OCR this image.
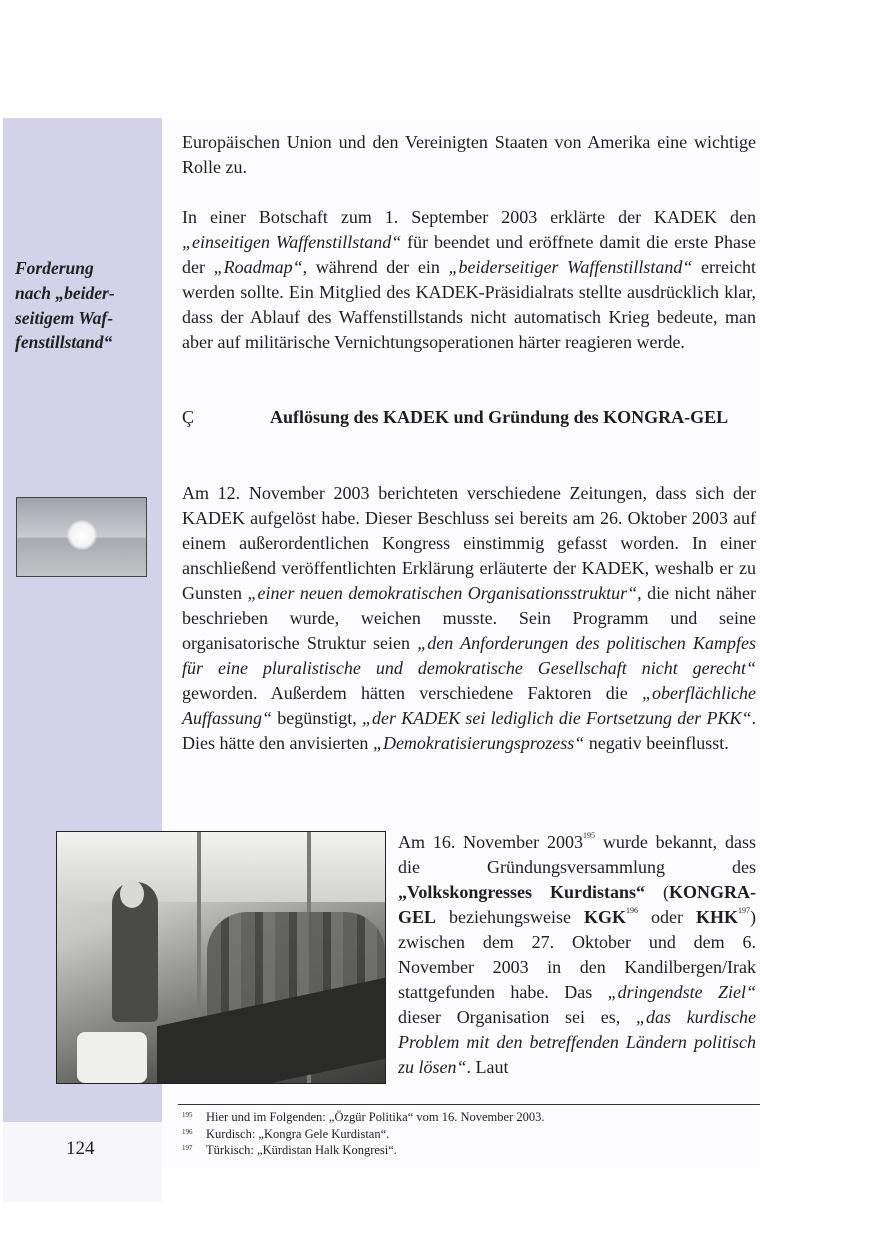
Forderung
nach „beider-
seitigem Waf-
fenstillstand“

Europäischen Union und den Vereinigten Staaten von Amerika eine wichtige Rolle zu.

In einer Botschaft zum 1. September 2003 erklärte der KADEK den „einseitigen Waffenstillstand“ für beendet und eröffnete damit die erste Phase der „Roadmap“, während der ein „beiderseitiger Waffenstillstand“ erreicht werden sollte. Ein Mitglied des KADEK-Präsidialrats stellte ausdrücklich klar, dass der Ablauf des Waffenstillstands nicht automatisch Krieg bedeute, man aber auf militärische Vernichtungsoperationen härter reagieren werde.

Ç	Auflösung des KADEK und Gründung des KONGRA-GEL

Am 12. November 2003 berichteten verschiedene Zeitungen, dass sich der KADEK aufgelöst habe. Dieser Beschluss sei bereits am 26. Oktober 2003 auf einem außerordentlichen Kongress einstimmig gefasst worden. In einer anschließend veröffentlichten Erklärung erläuterte der KADEK, weshalb er zu Gunsten „einer neuen demokratischen Organisationsstruktur“, die nicht näher beschrieben wurde, weichen musste. Sein Programm und seine organisatorische Struktur seien „den Anforderungen des politischen Kampfes für eine pluralistische und demokratische Gesellschaft nicht gerecht“ geworden. Außerdem hätten verschiedene Faktoren die „oberflächliche Auffassung“ begünstigt, „der KADEK sei lediglich die Fortsetzung der PKK“. Dies hätte den anvisierten „Demokratisierungsprozess“ negativ beeinflusst.

Am 16. November 2003$^{195}$ wurde bekannt, dass die Gründungsversammlung des „Volkskongresses Kurdistans“ (KONGRA-GEL beziehungsweise KGK$^{196}$ oder KHK$^{197}$) zwischen dem 27. Oktober und dem 6. November 2003 in den Kandilbergen/Irak stattgefunden habe. Das „dringendste Ziel“ dieser Organisation sei es, „das kurdische Problem mit den betreffenden Ländern politisch zu lösen“. Laut
195 Hier und im Folgenden: „Özgür Politika“ vom 16. November 2003.
196 Kurdisch: „Kongra Gele Kurdistan“.
197 Türkisch: „Kürdistan Halk Kongresi“.
124
